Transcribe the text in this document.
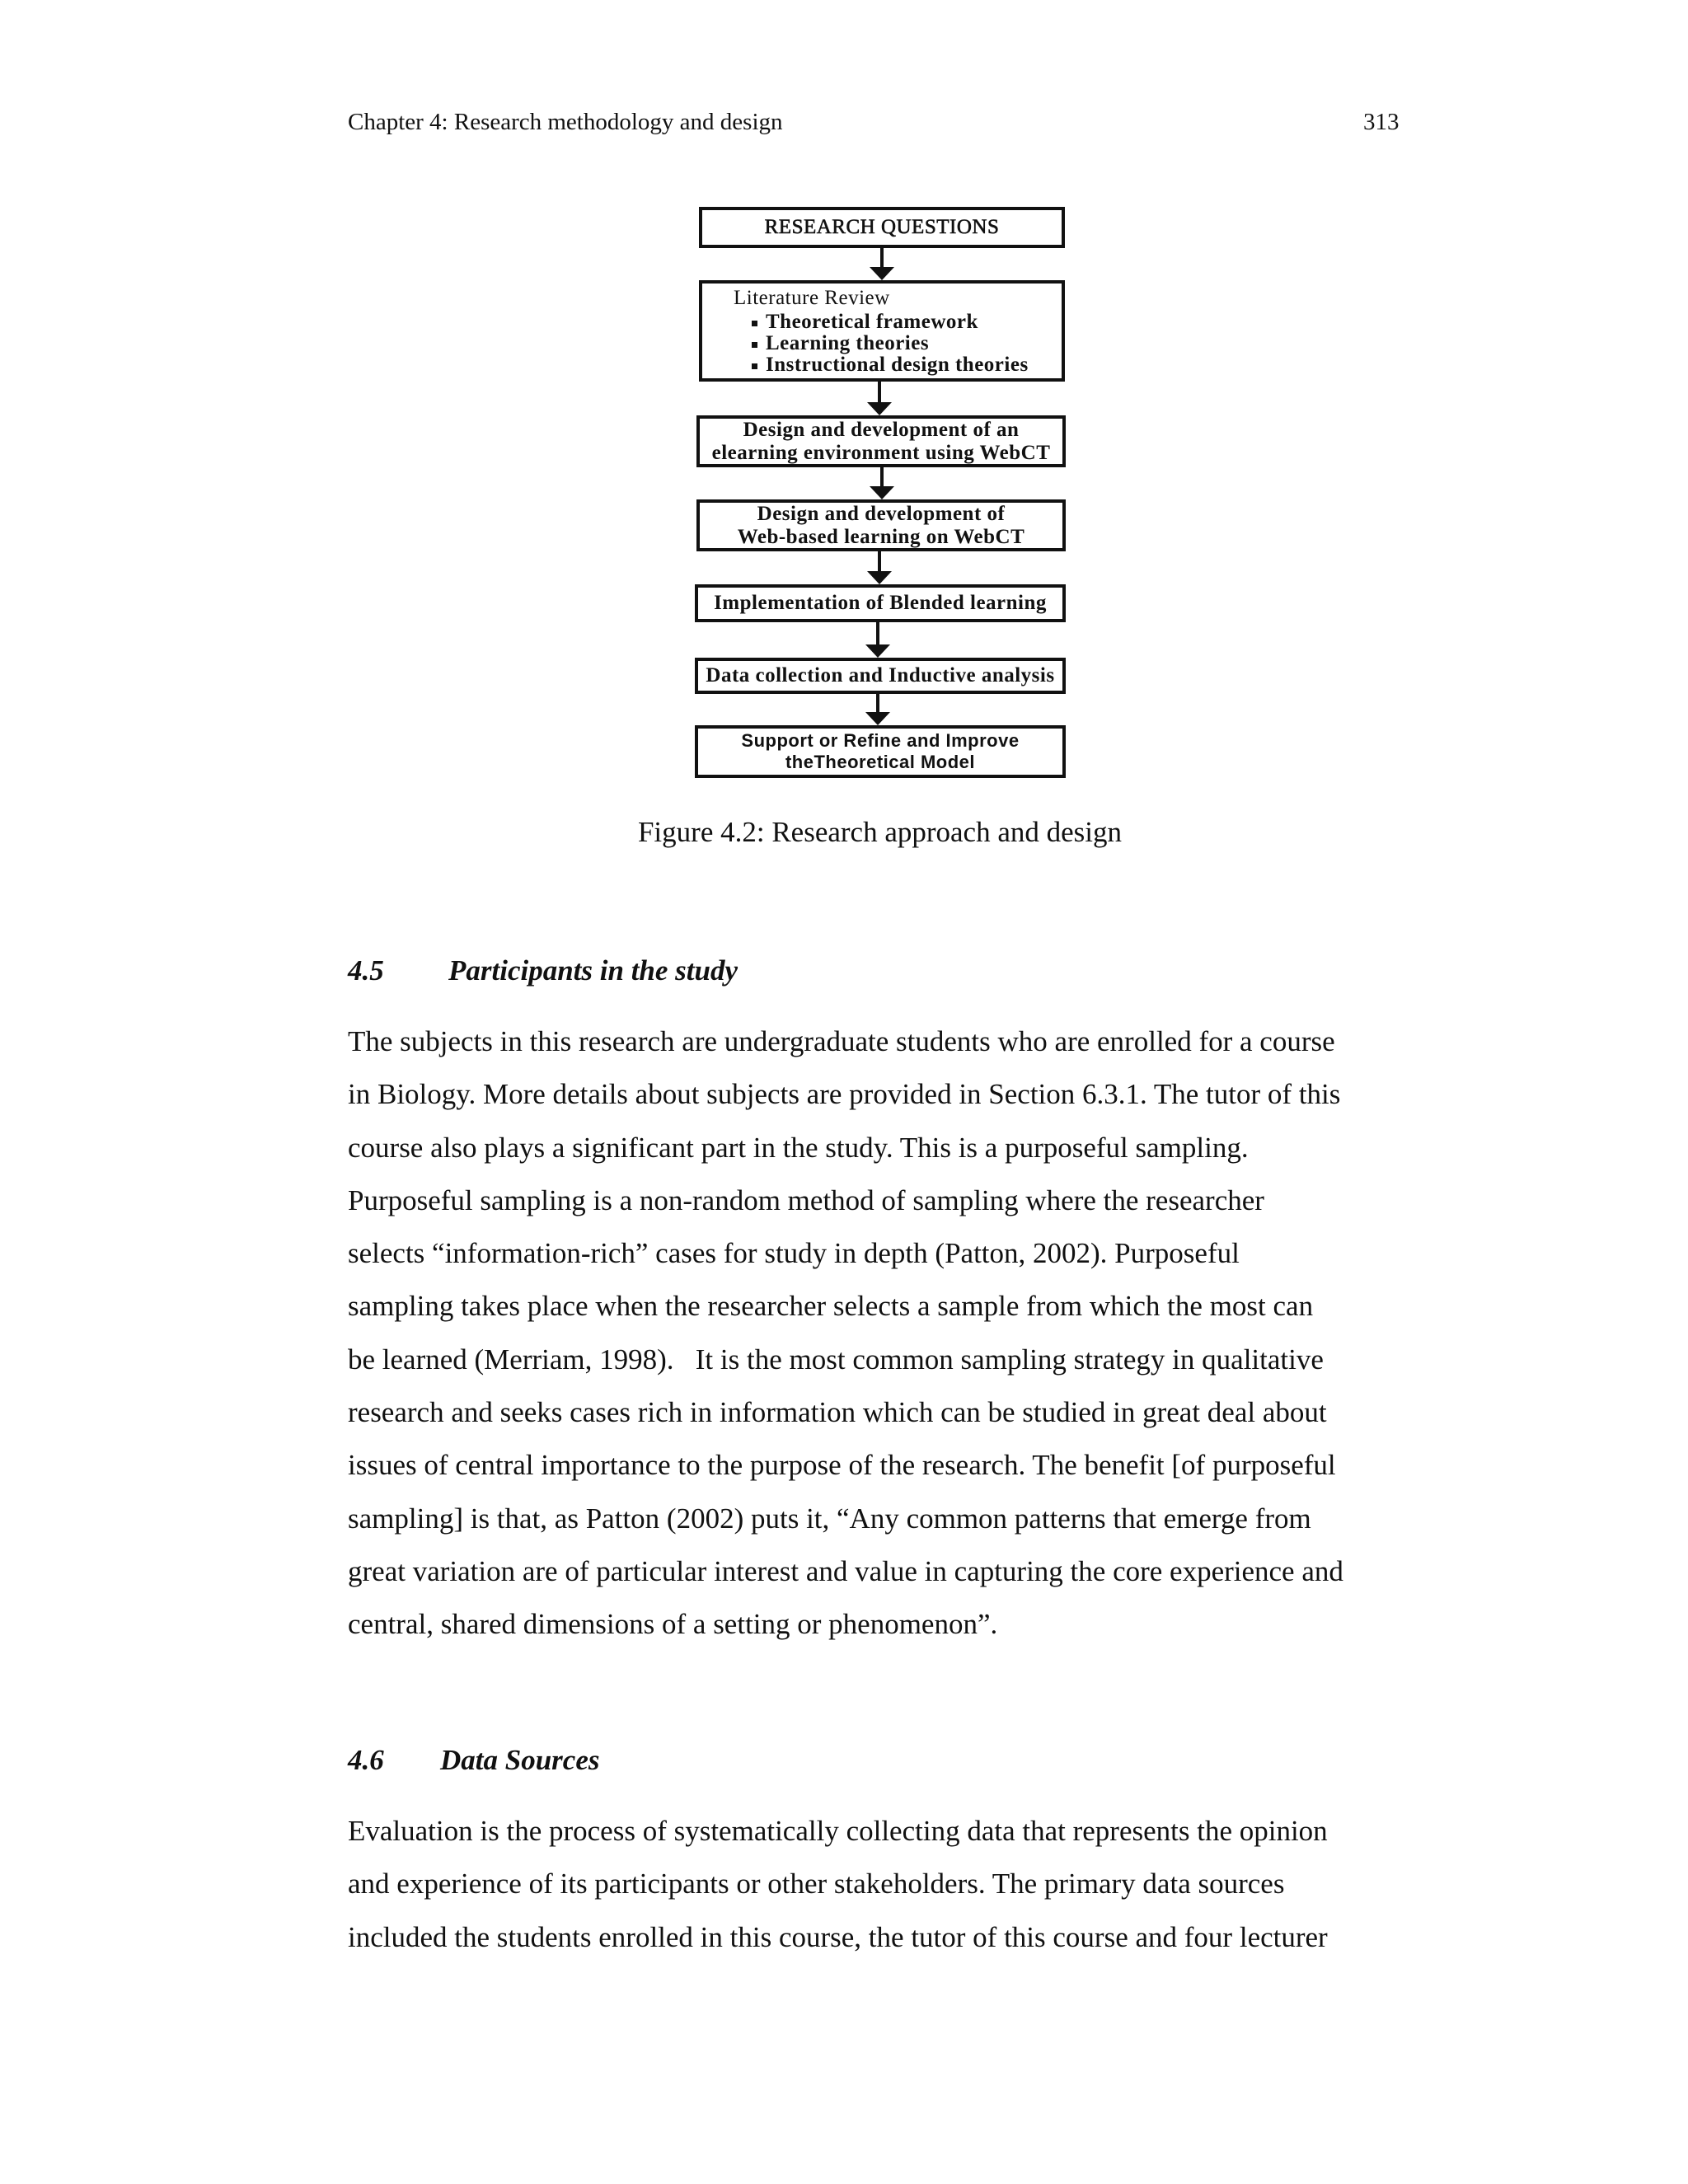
Chapter 4: Research methodology and design	313
RESEARCH QUESTIONS
Literature Review
Theoretical framework
Learning theories
Instructional design theories
Design and development of an
elearning environment using WebCT
Design and development of
Web-based learning on WebCT
Implementation of Blended learning
Data collection and Inductive analysis
Support or Refine and Improve
theTheoretical Model
Figure 4.2: Research approach and design
4.5 Participants in the study
The subjects in this research are undergraduate students who are enrolled for a course
in Biology. More details about subjects are provided in Section 6.3.1. The tutor of this
course also plays a significant part in the study. This is a purposeful sampling.
Purposeful sampling is a non-random method of sampling where the researcher
selects “information-rich” cases for study in depth (Patton, 2002). Purposeful
sampling takes place when the researcher selects a sample from which the most can
be learned (Merriam, 1998).   It is the most common sampling strategy in qualitative
research and seeks cases rich in information which can be studied in great deal about
issues of central importance to the purpose of the research. The benefit [of purposeful
sampling] is that, as Patton (2002) puts it, “Any common patterns that emerge from
great variation are of particular interest and value in capturing the core experience and
central, shared dimensions of a setting or phenomenon”.
4.6 Data Sources
Evaluation is the process of systematically collecting data that represents the opinion
and experience of its participants or other stakeholders. The primary data sources
included the students enrolled in this course, the tutor of this course and four lecturer
